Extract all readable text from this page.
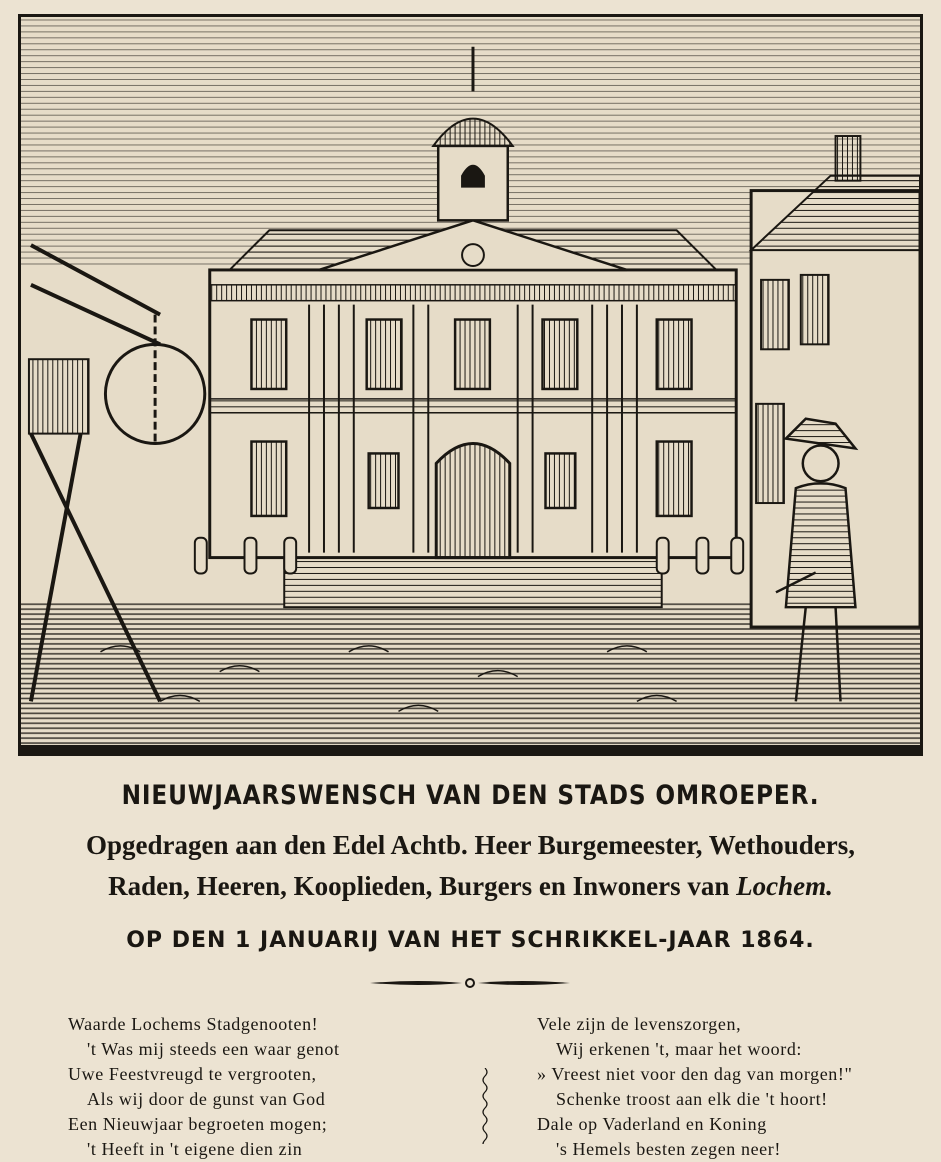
NIEUWJAARSWENSCH VAN DEN STADS OMROEPER.
Opgedragen aan den Edel Achtb. Heer Burgemeester, Wethouders,
Raden, Heeren, Kooplieden, Burgers en Inwoners van Lochem.
OP DEN 1 JANUARIJ VAN HET SCHRIKKEL-JAAR 1864.
Waarde Lochems Stadgenooten!
't Was mij steeds een waar genot
Uwe Feestvreugd te vergrooten,
Als wij door de gunst van God
Een Nieuwjaar begroeten mogen;
't Heeft in 't eigene dien zin
Vele zijn de levenszorgen,
Wij erkenen 't, maar het woord:
» Vreest niet voor den dag van morgen!"
Schenke troost aan elk die 't hoort!
Dale op Vaderland en Koning
's Hemels besten zegen neer!
